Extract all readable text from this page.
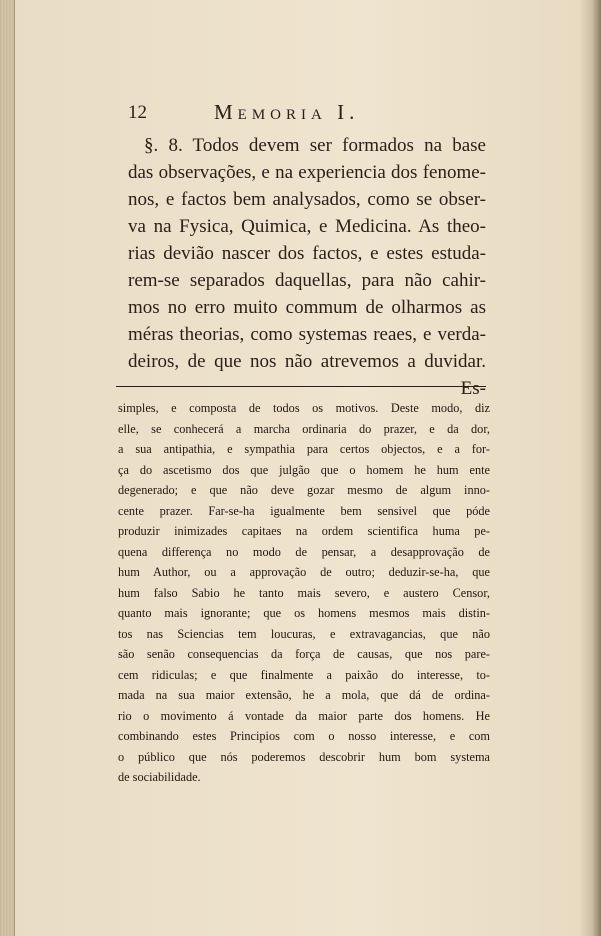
12	Memoria I.
§. 8. Todos devem ser formados na base
das observações, e na experiencia dos fenome-
nos, e factos bem analysados, como se obser-
va na Fysica, Quimica, e Medicina. As theo-
rias devião nascer dos factos, e estes estuda-
rem-se separados daquellas, para não cahir-
mos no erro muito commum de olharmos as
méras theorias, como systemas reaes, e verda-
deiros, de que nos não atrevemos a duvidar.
Es-
simples, e composta de todos os motivos. Deste modo, diz
elle, se conhecerá a marcha ordinaria do prazer, e da dor,
a sua antipathia, e sympathia para certos objectos, e a for-
ça do ascetismo dos que julgão que o homem he hum ente
degenerado; e que não deve gozar mesmo de algum inno-
cente prazer. Far-se-ha igualmente bem sensivel que póde
produzir inimizades capitaes na ordem scientifica huma pe-
quena differença no modo de pensar, a desapprovação de
hum Author, ou a approvação de outro; deduzir-se-ha, que
hum falso Sabio he tanto mais severo, e austero Censor,
quanto mais ignorante; que os homens mesmos mais distin-
tos nas Sciencias tem loucuras, e extravagancias, que não
são senão consequencias da força de causas, que nos pare-
cem ridiculas; e que finalmente a paixão do interesse, to-
mada na sua maior extensão, he a mola, que dá de ordina-
rio o movimento á vontade da maior parte dos homens. He
combinando estes Principios com o nosso interesse, e com
o público que nós poderemos descobrir hum bom systema
de sociabilidade.
